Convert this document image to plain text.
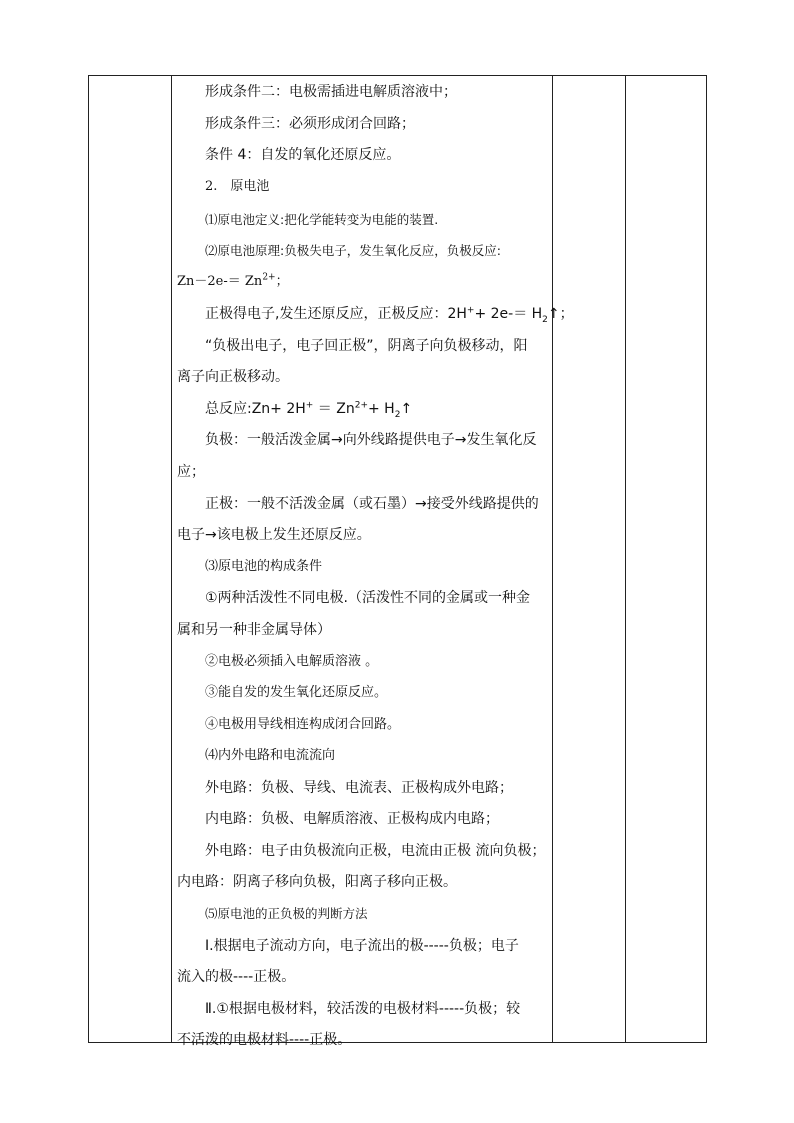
形成条件二：电极需插进电解质溶液中；
形成条件三：必须形成闭合回路；
条件 4：自发的氧化还原反应。
2.　原电池
⑴原电池定义:把化学能转变为电能的装置.
⑵原电池原理:负极失电子，发生氧化反应，负极反应:
$Zn-2e-= Zn^{2+}$；
正极得电子,发生还原反应，正极反应：$2H^++ 2e-= H_2↑$；
“负极出电子，电子回正极”，阴离子向负极移动，阳
离子向正极移动。
总反应:Zn+ $2H^+ = Zn^{2+}+$ $H_2↑$
负极：一般活泼金属→向外线路提供电子→发生氧化反
应；
正极：一般不活泼金属（或石墨）→接受外线路提供的
电子→该电极上发生还原反应。
⑶原电池的构成条件
①两种活泼性不同电极.（活泼性不同的金属或一种金
属和另一种非金属导体）
②电极必须插入电解质溶液 。
③能自发的发生氧化还原反应。
④电极用导线相连构成闭合回路。
⑷内外电路和电流流向
外电路：负极、导线、电流表、正极构成外电路；
内电路：负极、电解质溶液、正极构成内电路；
外电路：电子由负极流向正极，电流由正极 流向负极；
内电路：阴离子移向负极，阳离子移向正极。
⑸原电池的正负极的判断方法
Ⅰ.根据电子流动方向，电子流出的极-----负极；电子
流入的极----正极。
Ⅱ.①根据电极材料，较活泼的电极材料-----负极；较
不活泼的电极材料----正极。
